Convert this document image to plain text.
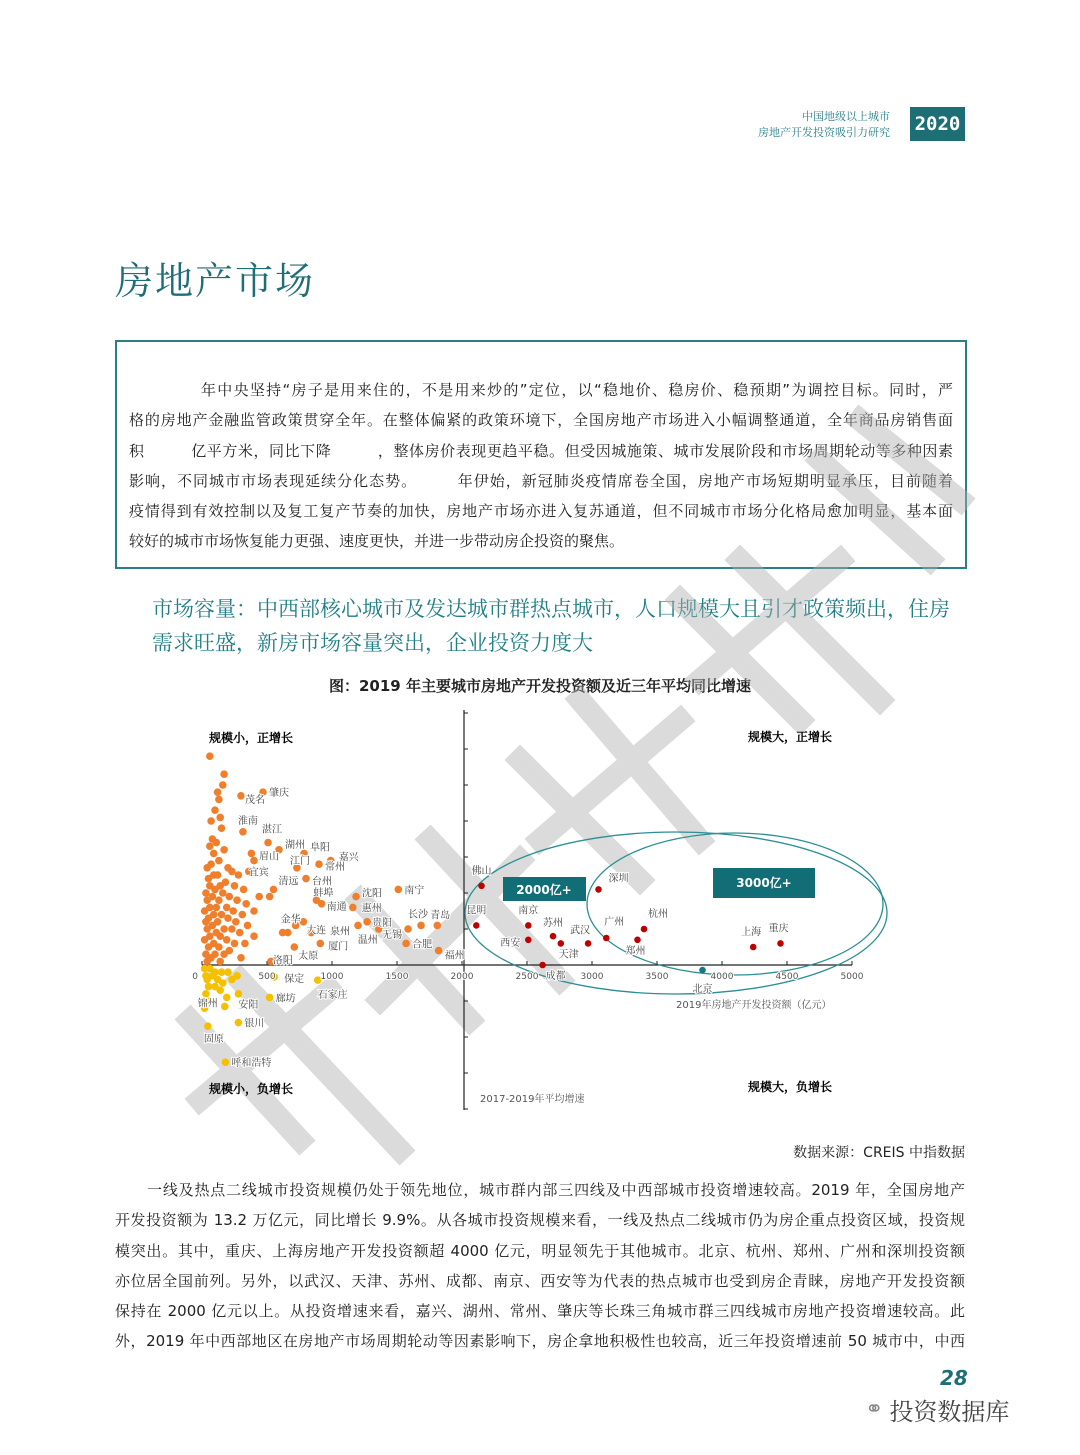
中国地级以上城市
房地产开发投资吸引力研究 2020
房地产市场
年中央坚持“房子是用来住的，不是用来炒的”定位，以“稳地价、稳房价、稳预期”为调控目标。同时，严
格的房地产金融监管政策贯穿全年。在整体偏紧的政策环境下，全国房地产市场进入小幅调整通道，全年商品房销售面
积　　　亿平方米，同比下降　　　，整体房价表现更趋平稳。但受因城施策、城市发展阶段和市场周期轮动等多种因素
影响，不同城市市场表现延续分化态势。　　　年伊始，新冠肺炎疫情席卷全国，房地产市场短期明显承压，目前随着
疫情得到有效控制以及复工复产节奏的加快，房地产市场亦进入复苏通道，但不同城市市场分化格局愈加明显，基本面
较好的城市市场恢复能力更强、速度更快，并进一步带动房企投资的聚焦。
市场容量：中西部核心城市及发达城市群热点城市，人口规模大且引才政策频出，住房需求旺盛，新房市场容量突出，企业投资力度大
图：2019 年主要城市房地产开发投资额及近三年平均同比增速
2000亿+	3000亿+
规模小，正增长	规模大，正增长
规模小，负增长	规模大，负增长
2019年房地产开发投资额（亿元）
2017-2019年平均增速
0	500	1000	1500	2000	2500	3000	3500	4000	4500	5000
肇庆
茂名
淮南
湛江
湖州 阜阳
嘉兴
眉山
常州
江门
宜宾
台州
清远
南宁
沈阳
蚌埠
南通 惠州
贵阳
金华
泉州
长沙 青岛
温州 无锡
大连
厦门	合肥
太原	福州
洛阳
保定
石家庄
安阳
廊坊
锦州
银川
固原
呼和浩特
佛山
深圳
昆明	南京	杭州
苏州	广州
西安
郑州
天津
武汉	重庆
上海
成都
北京
数据来源：CREIS 中指数据
一线及热点二线城市投资规模仍处于领先地位，城市群内部三四线及中西部城市投资增速较高。2019 年，全国房地产
开发投资额为 13.2 万亿元，同比增长 9.9%。从各城市投资规模来看，一线及热点二线城市仍为房企重点投资区域，投资规
模突出。其中，重庆、上海房地产开发投资额超 4000 亿元，明显领先于其他城市。北京、杭州、郑州、广州和深圳投资额
亦位居全国前列。另外，以武汉、天津、苏州、成都、南京、西安等为代表的热点城市也受到房企青睐，房地产开发投资额
保持在 2000 亿元以上。从投资增速来看，嘉兴、湖州、常州、肇庆等长珠三角城市群三四线城市房地产投资增速较高。此
外，2019 年中西部地区在房地产市场周期轮动等因素影响下，房企拿地积极性也较高，近三年投资增速前 50 城市中，中西
28
⚭ 投资数据库
